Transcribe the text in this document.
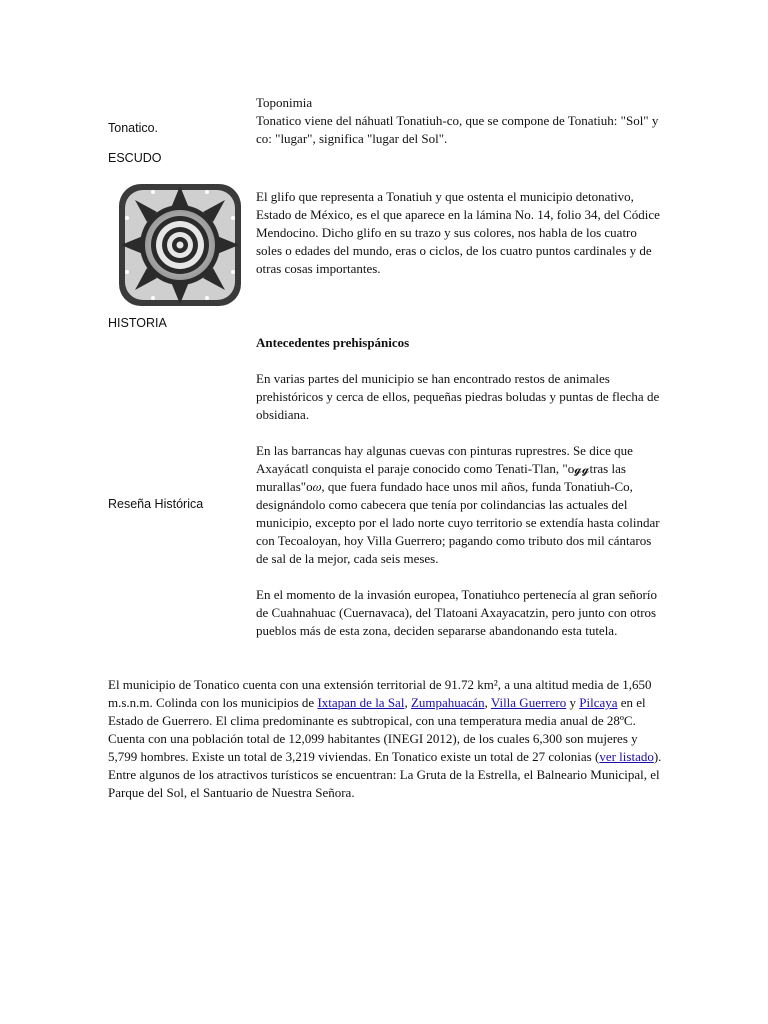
Tonatico.
ESCUDO
HISTORIA
Reseña Histórica

Toponimia

Tonatico viene del náhuatl Tonatiuh-co, que se compone de Tonatiuh: "Sol" y co: "lugar", significa "lugar del Sol".

El glifo que representa a Tonatiuh y que ostenta el municipio detonativo, Estado de México, es el que aparece en la lámina No. 14, folio 34, del Códice Mendocino. Dicho glifo en su trazo y sus colores, nos habla de los cuatro soles o edades del mundo, eras o ciclos, de los cuatro puntos cardinales y de otras cosas importantes.

Antecedentes prehispánicos

En varias partes del municipio se han encontrado restos de animales prehistóricos y cerca de ellos, pequeñas piedras boludas y puntas de flecha de obsidiana.

En las barrancas hay algunas cuevas con pinturas ruprestres. Se dice que Axayácatl conquista el paraje conocido como Tenati-Tlan, "o𝓰𝓰tras las murallas"o𝜔, que fuera fundado hace unos mil años, funda Tonatiuh-Co, designándolo como cabecera que tenía por colindancias las actuales del municipio, excepto por el lado norte cuyo territorio se extendía hasta colindar con Tecoaloyan, hoy Villa Guerrero; pagando como tributo dos mil cántaros de sal de la mejor, cada seis meses.

En el momento de la invasión europea, Tonatiuhco pertenecía al gran señorío de Cuahnahuac (Cuernavaca), del Tlatoani Axayacatzin, pero junto con otros pueblos más de esta zona, deciden separarse abandonando esta tutela.

El municipio de Tonatico cuenta con una extensión territorial de 91.72 km², a una altitud media de 1,650 m.s.n.m. Colinda con los municipios de Ixtapan de la Sal, Zumpahuacán, Villa Guerrero y Pilcaya en el Estado de Guerrero. El clima predominante es subtropical, con una temperatura media anual de 28ºC.

Cuenta con una población total de 12,099 habitantes (INEGI 2012), de los cuales 6,300 son mujeres y 5,799 hombres. Existe un total de 3,219 viviendas. En Tonatico existe un total de 27 colonias (ver listado).

Entre algunos de los atractivos turísticos se encuentran: La Gruta de la Estrella, el Balneario Municipal, el Parque del Sol, el Santuario de Nuestra Señora.
